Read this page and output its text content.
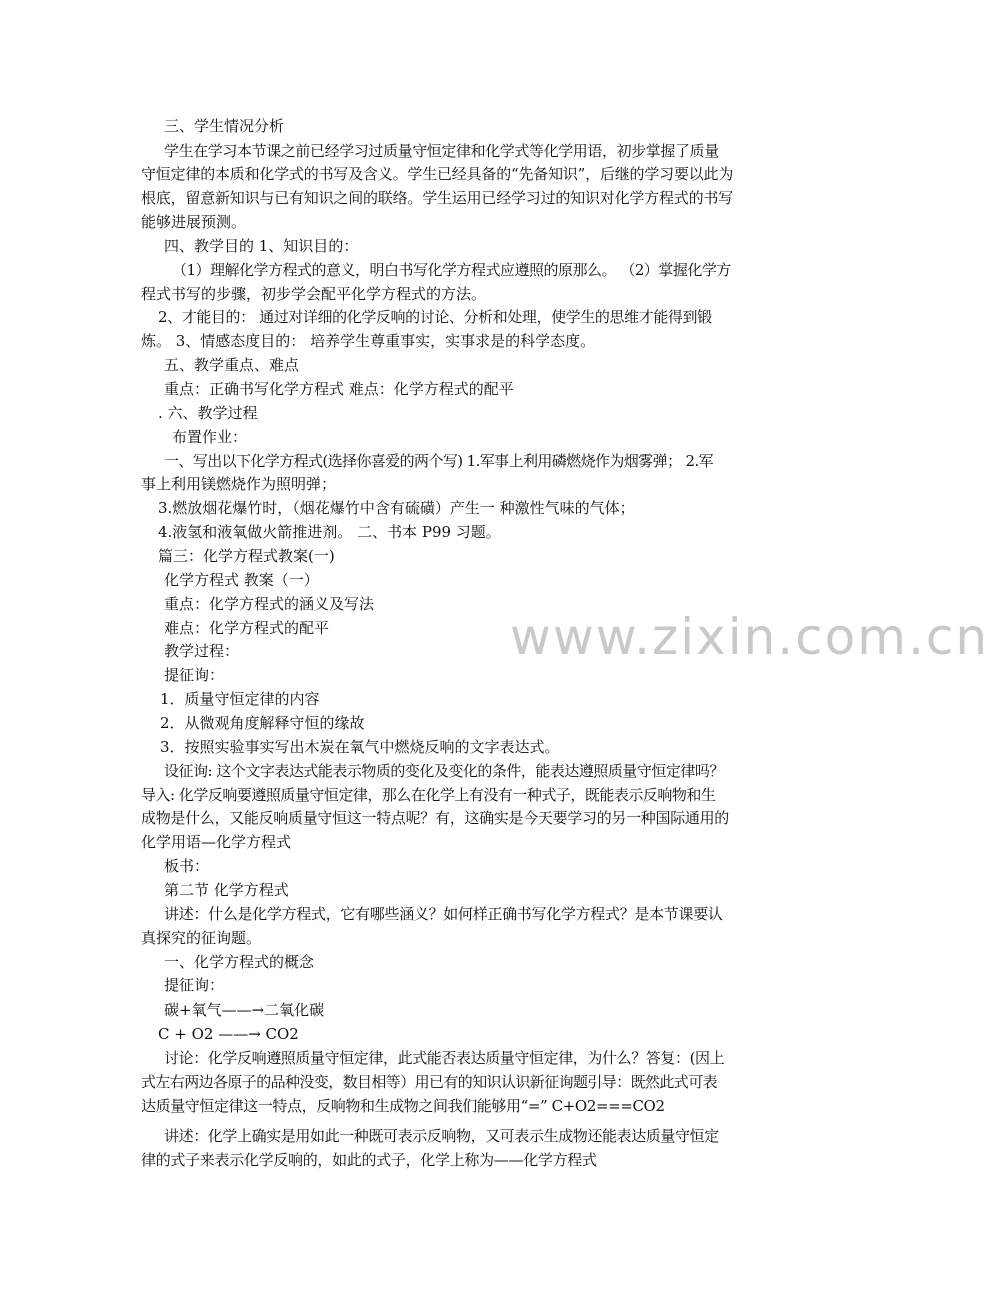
www.zixin.com.cn
三、学生情况分析
学生在学习本节课之前已经学习过质量守恒定律和化学式等化学用语，初步掌握了质量
守恒定律的本质和化学式的书写及含义。学生已经具备的“先备知识”，后继的学习要以此为
根底，留意新知识与已有知识之间的联络。学生运用已经学习过的知识对化学方程式的书写
能够进展预测。
四、教学目的 1、知识目的：
（1）理解化学方程式的意义，明白书写化学方程式应遵照的原那么。 （2）掌握化学方
程式书写的步骤，初步学会配平化学方程式的方法。
2、才能目的： 通过对详细的化学反响的讨论、分析和处理，使学生的思维才能得到锻
炼。 3、情感态度目的： 培养学生尊重事实，实事求是的科学态度。
五、教学重点、难点
重点：正确书写化学方程式 难点：化学方程式的配平
. 六、教学过程
布置作业：
一、写出以下化学方程式(选择你喜爱的两个写) 1.军事上利用磷燃烧作为烟雾弹； 2.军
事上利用镁燃烧作为照明弹；
3.燃放烟花爆竹时，（烟花爆竹中含有硫磺）产生一 种激性气味的气体；
4.液氢和液氧做火箭推进剂。 二、书本 P99 习题。
篇三：化学方程式教案(一)
化学方程式 教案（一）
重点：化学方程式的涵义及写法
难点：化学方程式的配平
教学过程：
提征询：
1．质量守恒定律的内容
2．从微观角度解释守恒的缘故
3．按照实验事实写出木炭在氧气中燃烧反响的文字表达式。
设征询: 这个文字表达式能表示物质的变化及变化的条件，能表达遵照质量守恒定律吗？
导入: 化学反响要遵照质量守恒定律，那么在化学上有没有一种式子，既能表示反响物和生
成物是什么，又能反响质量守恒这一特点呢？有，这确实是今天要学习的另一种国际通用的
化学用语—化学方程式
板书：
第二节 化学方程式
讲述：什么是化学方程式，它有哪些涵义？如何样正确书写化学方程式？是本节课要认
真探究的征询题。
一、化学方程式的概念
提征询：
碳+氧气——→二氧化碳
C + O2 ——→ CO2
讨论：化学反响遵照质量守恒定律，此式能否表达质量守恒定律，为什么？答复：(因上
式左右两边各原子的品种没变，数目相等）用已有的知识认识新征询题引导：既然此式可表
达质量守恒定律这一特点，反响物和生成物之间我们能够用“=” C+O2===CO2
讲述：化学上确实是用如此一种既可表示反响物，又可表示生成物还能表达质量守恒定
律的式子来表示化学反响的，如此的式子，化学上称为——化学方程式
